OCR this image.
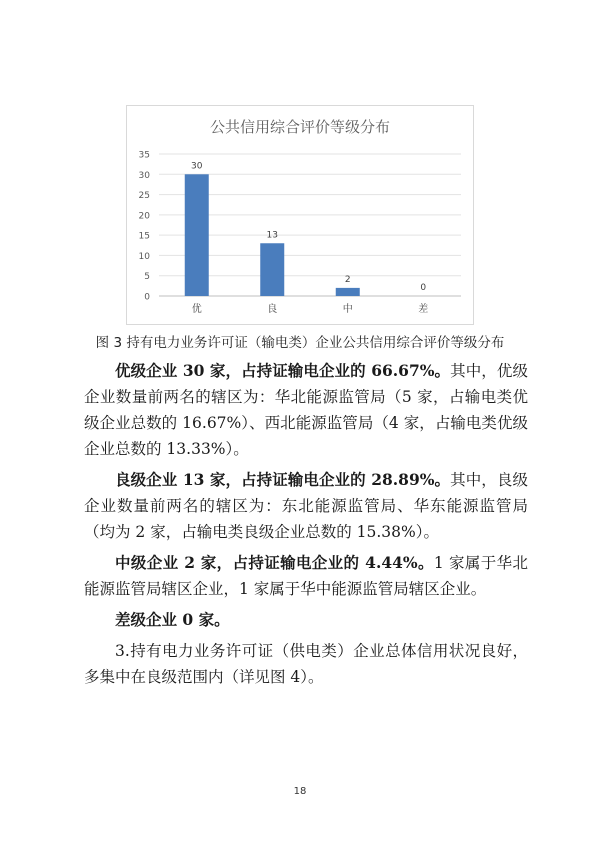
公共信用综合评价等级分布
0
5
10
15
20
25
30
35
30
13
2
0
优	良	中	差
图 3 持有电力业务许可证（输电类）企业公共信用综合评价等级分布

优级企业 30 家，占持证输电企业的 66.67%。其中，优级企业数量前两名的辖区为：华北能源监管局（5 家，占输电类优级企业总数的 16.67%）、西北能源监管局（4 家，占输电类优级企业总数的 13.33%）。

良级企业 13 家，占持证输电企业的 28.89%。其中，良级企业数量前两名的辖区为：东北能源监管局、华东能源监管局（均为 2 家，占输电类良级企业总数的 15.38%）。

中级企业 2 家，占持证输电企业的 4.44%。1 家属于华北能源监管局辖区企业，1 家属于华中能源监管局辖区企业。

差级企业 0 家。

3.持有电力业务许可证（供电类）企业总体信用状况良好，多集中在良级范围内（详见图 4）。

18
